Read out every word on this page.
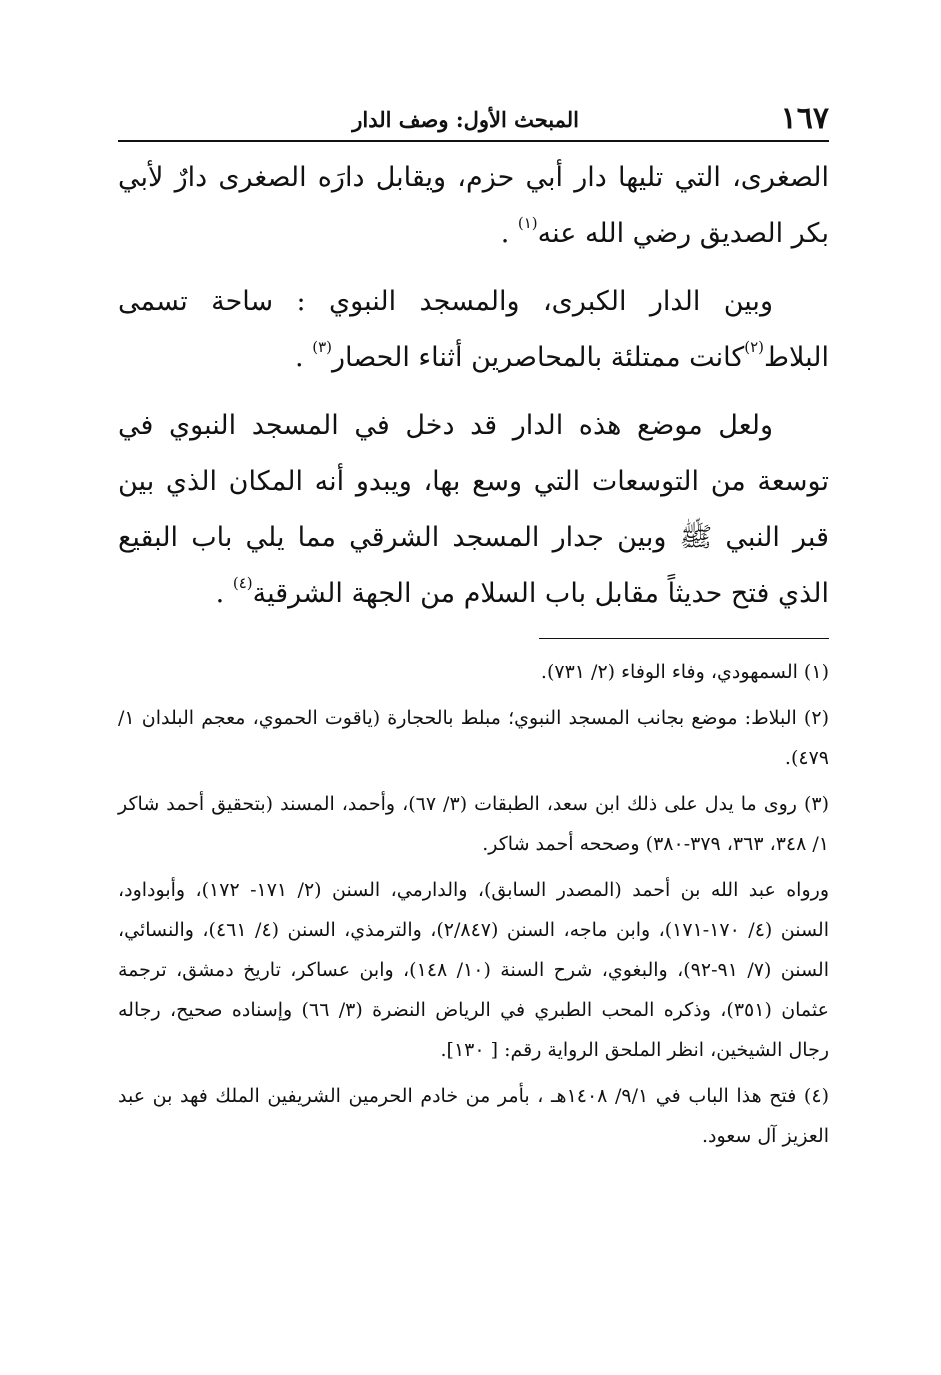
١٦٧
المبحث الأول: وصف الدار

الصغرى، التي تليها دار أبي حزم، ويقابل دارَه الصغرى دارٌ لأبي بكر الصديق رضي الله عنه$^{(١)}$ .

وبين الدار الكبرى، والمسجد النبوي : ساحة تسمى البلاط$^{(٢)}$كانت ممتلئة بالمحاصرين أثناء الحصار$^{(٣)}$ .

ولعل موضع هذه الدار قد دخل في المسجد النبوي في توسعة من التوسعات التي وسع بها، ويبدو أنه المكان الذي بين قبر النبي ﷺ وبين جدار المسجد الشرقي مما يلي باب البقيع الذي فتح حديثاً مقابل باب السلام من الجهة الشرقية$^{(٤)}$ .

(١) السمهودي، وفاء الوفاء (٢/ ٧٣١).
(٢) البلاط: موضع بجانب المسجد النبوي؛ مبلط بالحجارة (ياقوت الحموي، معجم البلدان ١/ ٤٧٩).
(٣) روى ما يدل على ذلك ابن سعد، الطبقات (٣/ ٦٧)، وأحمد، المسند (بتحقيق أحمد شاكر ١/ ٣٤٨، ٣٦٣، ٣٧٩-٣٨٠) وصححه أحمد شاكر.
ورواه عبد الله بن أحمد (المصدر السابق)، والدارمي، السنن (٢/ ١٧١- ١٧٢)، وأبوداود، السنن (٤/ ١٧٠-١٧١)، وابن ماجه، السنن (٢/٨٤٧)، والترمذي، السنن (٤/ ٤٦١)، والنسائي، السنن (٧/ ٩١-٩٢)، والبغوي، شرح السنة (١٠/ ١٤٨)، وابن عساكر، تاريخ دمشق، ترجمة عثمان (٣٥١)، وذكره المحب الطبري في الرياض النضرة (٣/ ٦٦) وإسناده صحيح، رجاله رجال الشيخين، انظر الملحق الرواية رقم: [ ١٣٠].
(٤) فتح هذا الباب في ٩/١/ ١٤٠٨هـ ، بأمر من خادم الحرمين الشريفين الملك فهد بن عبد العزيز آل سعود.
